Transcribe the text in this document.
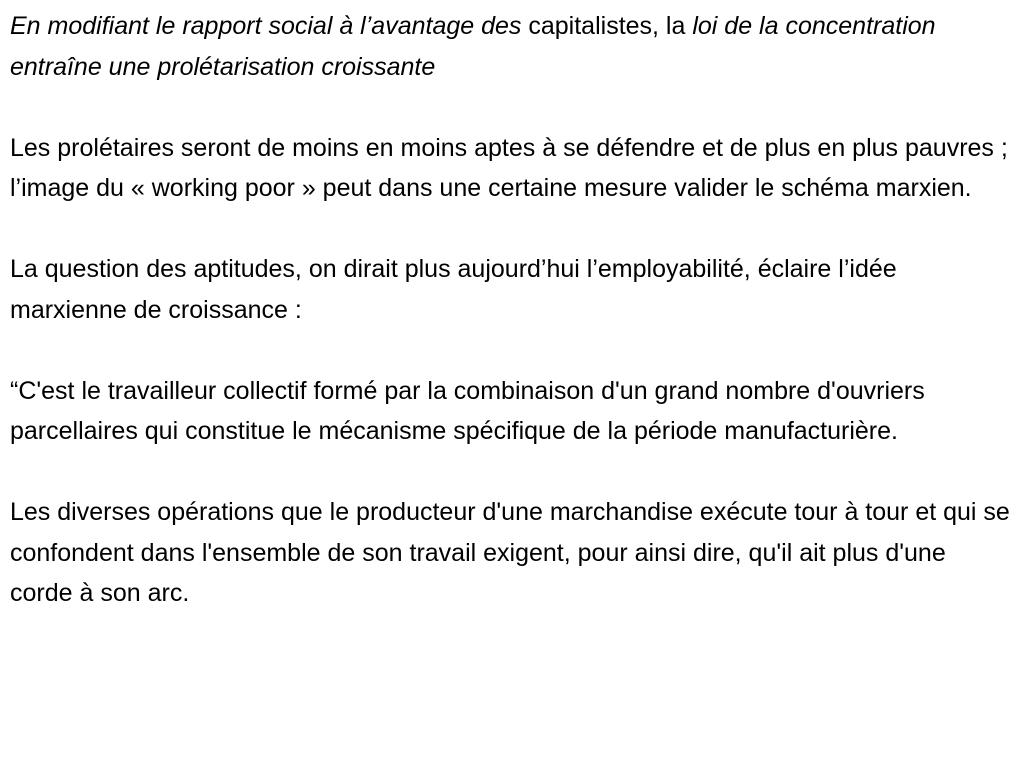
En modifiant le rapport social à l’avantage des capitalistes, la loi de la concentration entraîne une prolétarisation croissante

Les prolétaires seront de moins en moins aptes à se défendre et de plus en plus pauvres ; l’image du « working poor » peut dans une certaine mesure valider le schéma marxien.

La question des aptitudes, on dirait plus aujourd’hui l’employabilité, éclaire l’idée marxienne de croissance :

“C'est le travailleur collectif formé par la combinaison d'un grand nombre d'ouvriers parcellaires qui constitue le mécanisme spécifique de la période manufacturière.

Les diverses opérations que le producteur d'une marchandise exécute tour à tour et qui se confondent dans l'ensemble de son travail exigent, pour ainsi dire, qu'il ait plus d'une corde à son arc.
